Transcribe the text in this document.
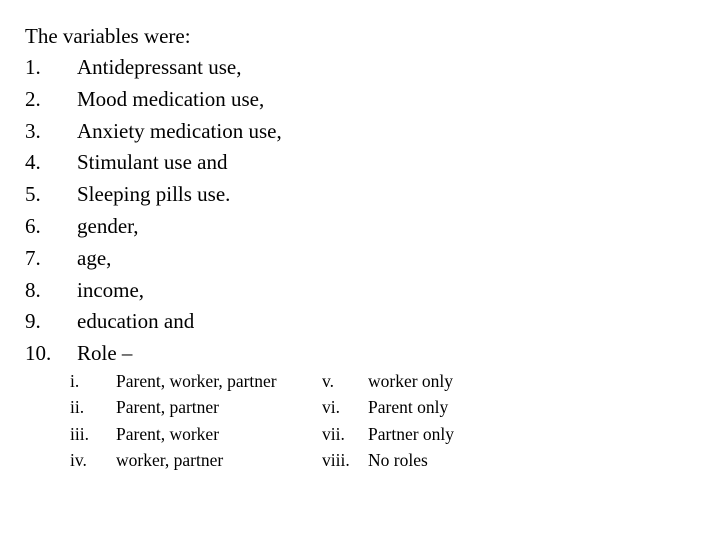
The variables were:
1. Antidepressant use,
2. Mood medication use,
3. Anxiety medication use,
4. Stimulant use and
5. Sleeping pills use.
6. gender,
7. age,
8. income,
9. education and
10. Role –
i. Parent, worker, partner
ii. Parent, partner
iii. Parent, worker
iv. worker, partner
v. worker only
vi. Parent only
vii. Partner only
viii. No roles
